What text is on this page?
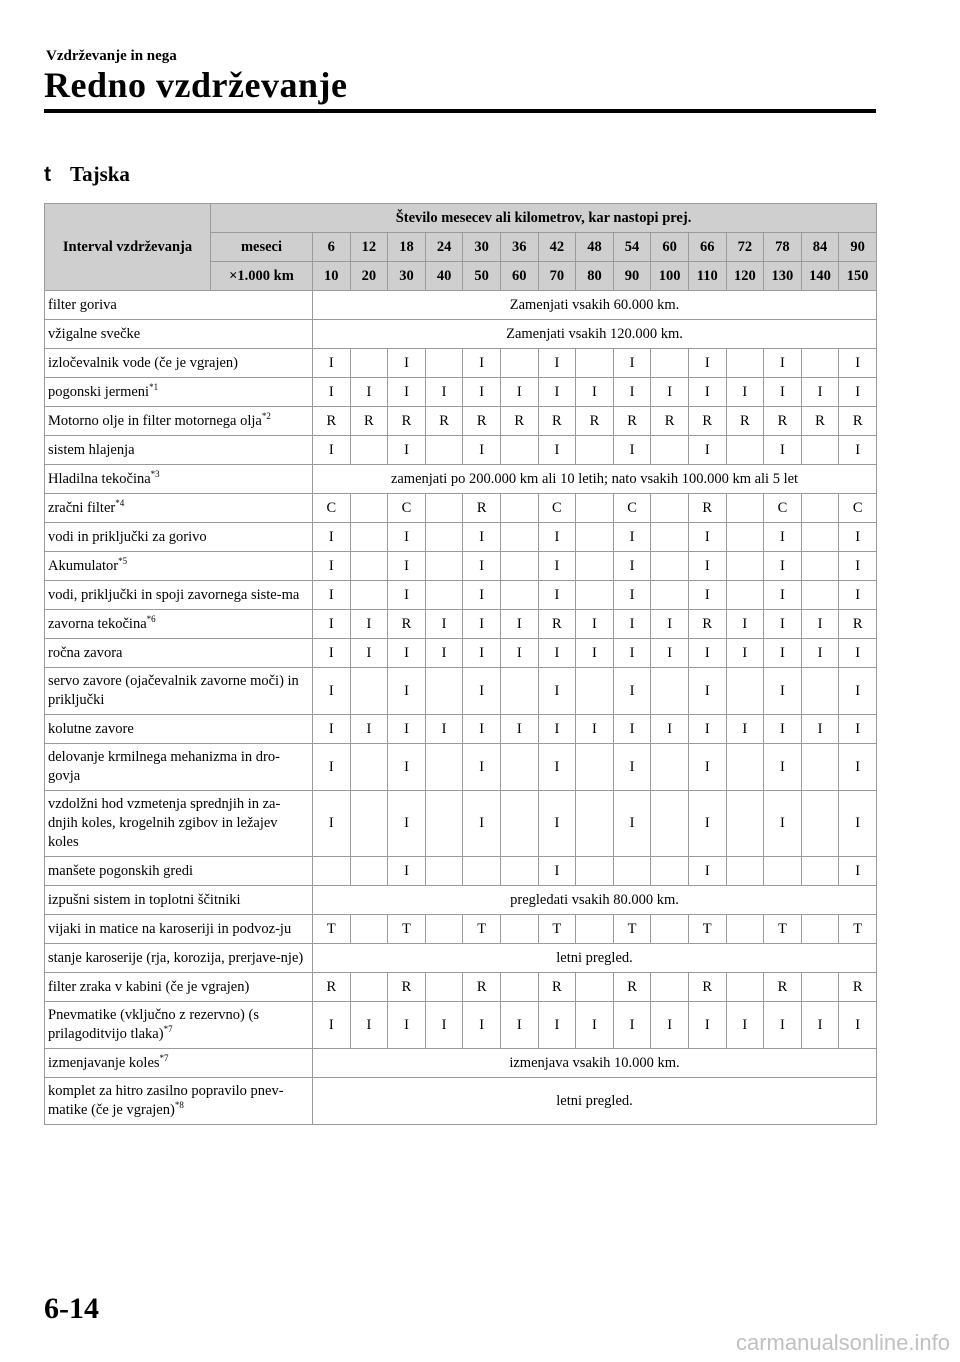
Vzdrževanje in nega
Redno vzdrževanje
t Tajska
Interval vzdrževanja	Število mesecev ali kilometrov, kar nastopi prej.																
	meseci	6	12	18	24	30	36	42	48	54	60	66	72	78	84	90	
	×1.000 km	10	20	30	40	50	60	70	80	90	100	110	120	130	140	150	
filter goriva		Zamenjati vsakih 60.000 km.															
vžigalne svečke		Zamenjati vsakih 120.000 km.															
izločevalnik vode (če je vgrajen)		I		I		I		I		I		I		I		I	
pogonski jermeni$^{*1}$		I	I	I	I	I	I	I	I	I	I	I	I	I	I	I	
Motorno olje in filter motornega olja$^{*2}$		R	R	R	R	R	R	R	R	R	R	R	R	R	R	R	
sistem hlajenja		I		I		I		I		I		I		I		I	
Hladilna tekočina$^{*3}$		zamenjati po 200.000 km ali 10 letih; nato vsakih 100.000 km ali 5 let															
zračni filter$^{*4}$		C		C		R		C		C		R		C		C	
vodi in priključki za gorivo		I		I		I		I		I		I		I		I	
Akumulator$^{*5}$		I		I		I		I		I		I		I		I	
vodi, priključki in spoji zavornega siste-ma		I		I		I		I		I		I		I		I	
zavorna tekočina$^{*6}$		I	I	R	I	I	I	R	I	I	I	R	I	I	I	R	
ročna zavora		I	I	I	I	I	I	I	I	I	I	I	I	I	I	I	
servo zavore (ojačevalnik zavorne moči) in priključki		I		I		I		I		I		I		I		I	
kolutne zavore		I	I	I	I	I	I	I	I	I	I	I	I	I	I	I	
delovanje krmilnega mehanizma in dro-govja		I		I		I		I		I		I		I		I	
vzdolžni hod vzmetenja sprednjih in za-dnjih koles, krogelnih zgibov in ležajev koles		I		I		I		I		I		I		I		I	
manšete pogonskih gredi				I				I				I				I	
izpušni sistem in toplotni ščitniki		pregledati vsakih 80.000 km.															
vijaki in matice na karoseriji in podvoz-ju		T		T		T		T		T		T		T		T	
stanje karoserije (rja, korozija, prerjave-nje)		letni pregled.															
filter zraka v kabini (če je vgrajen)		R		R		R		R		R		R		R		R	
Pnevmatike (vključno z rezervno) (s prilagoditvijo tlaka)$^{*7}$		I	I	I	I	I	I	I	I	I	I	I	I	I	I	I	
izmenjavanje koles$^{*7}$		izmenjava vsakih 10.000 km.															
komplet za hitro zasilno popravilo pnev-matike (če je vgrajen)$^{*8}$		letni pregled.															
6-14
carmanualsonline.info
